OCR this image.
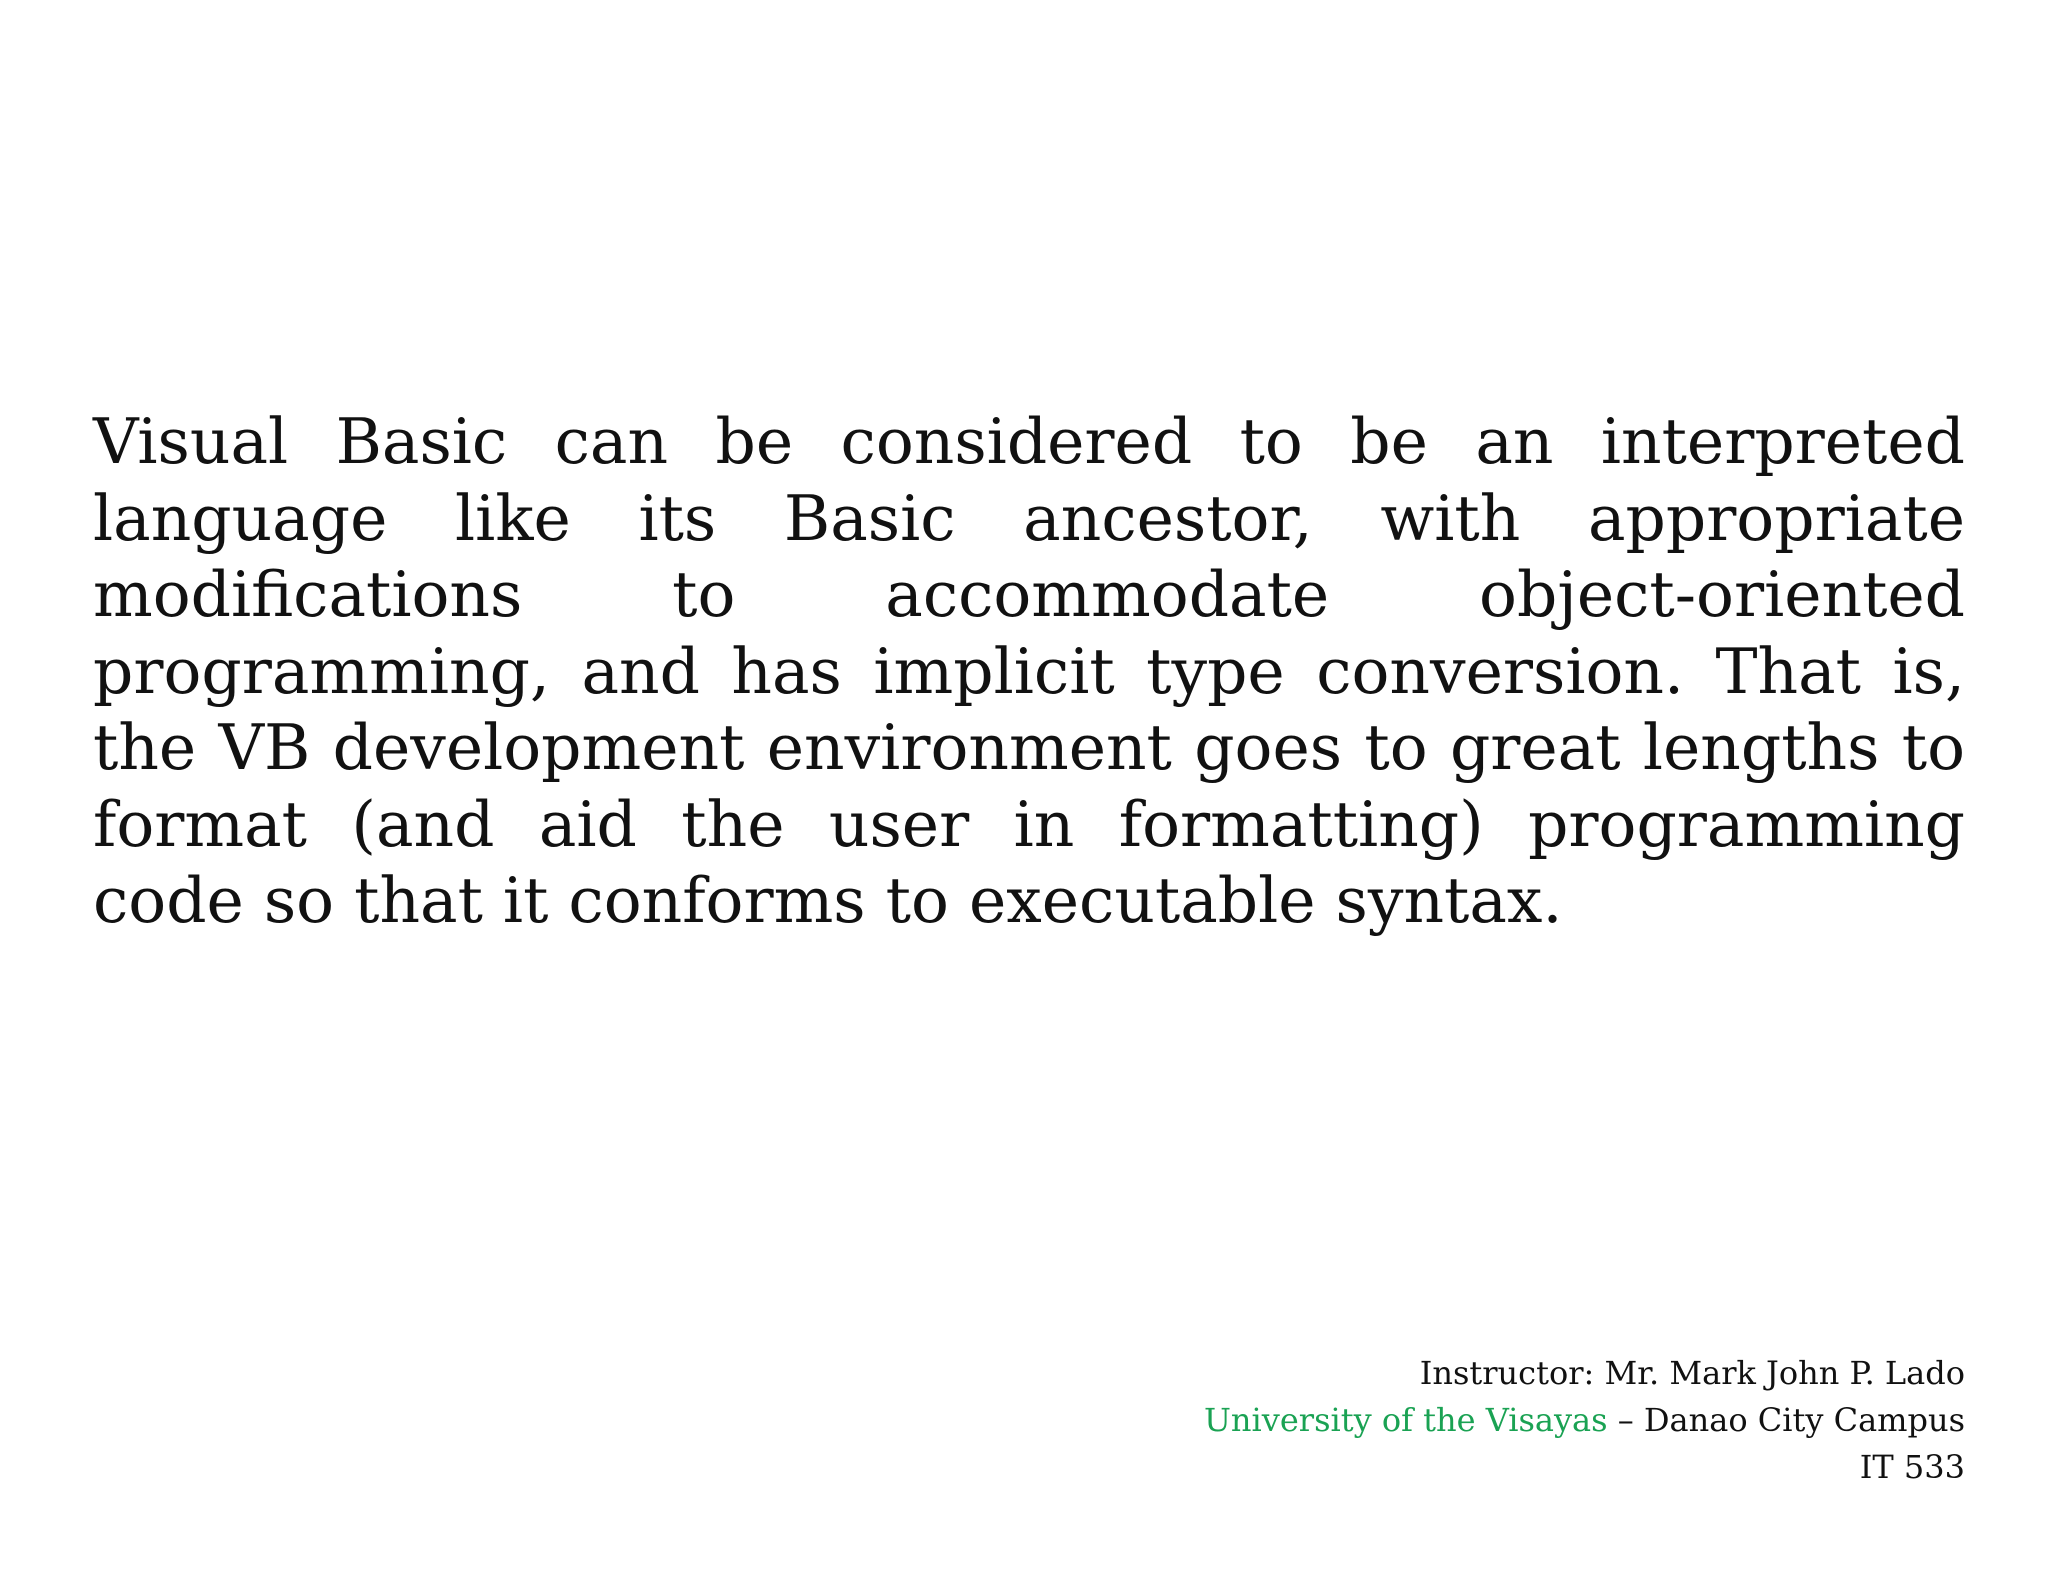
Visual Basic can be considered to be an interpreted language like its Basic ancestor, with appropriate modifications to accommodate object-oriented programming, and has implicit type conversion. That is, the VB development environment goes to great lengths to format (and aid the user in formatting) programming code so that it conforms to executable syntax.

Instructor: Mr. Mark John P. Lado
University of the Visayas – Danao City Campus
IT 533
